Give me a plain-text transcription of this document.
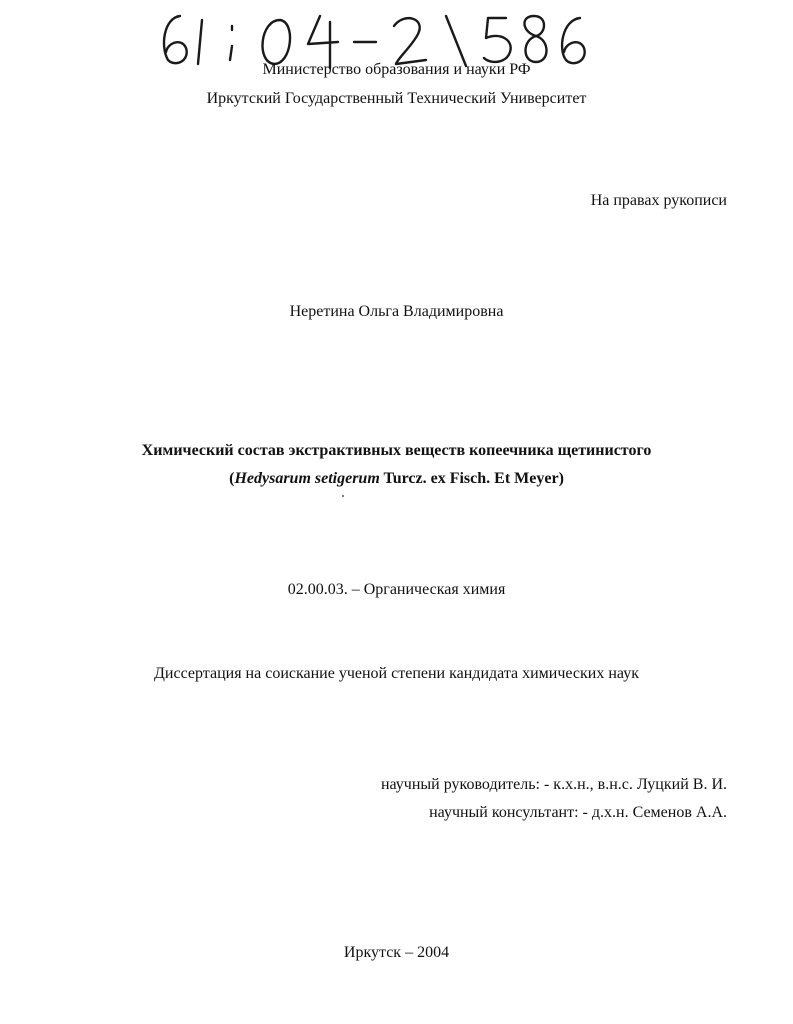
Министерство образования и науки РФ
Иркутский Государственный Технический Университет
На правах рукописи
Неретина Ольга Владимировна
Химический состав экстрактивных веществ копеечника щетинистого
(Hedysarum setigerum Turcz. ex Fisch. Et Meyer)
02.00.03. – Органическая химия
Диссертация на соискание ученой степени кандидата химических наук
научный руководитель: - к.х.н., в.н.с. Луцкий В. И.
научный консультант: - д.х.н. Семенов А.А.
Иркутск – 2004
